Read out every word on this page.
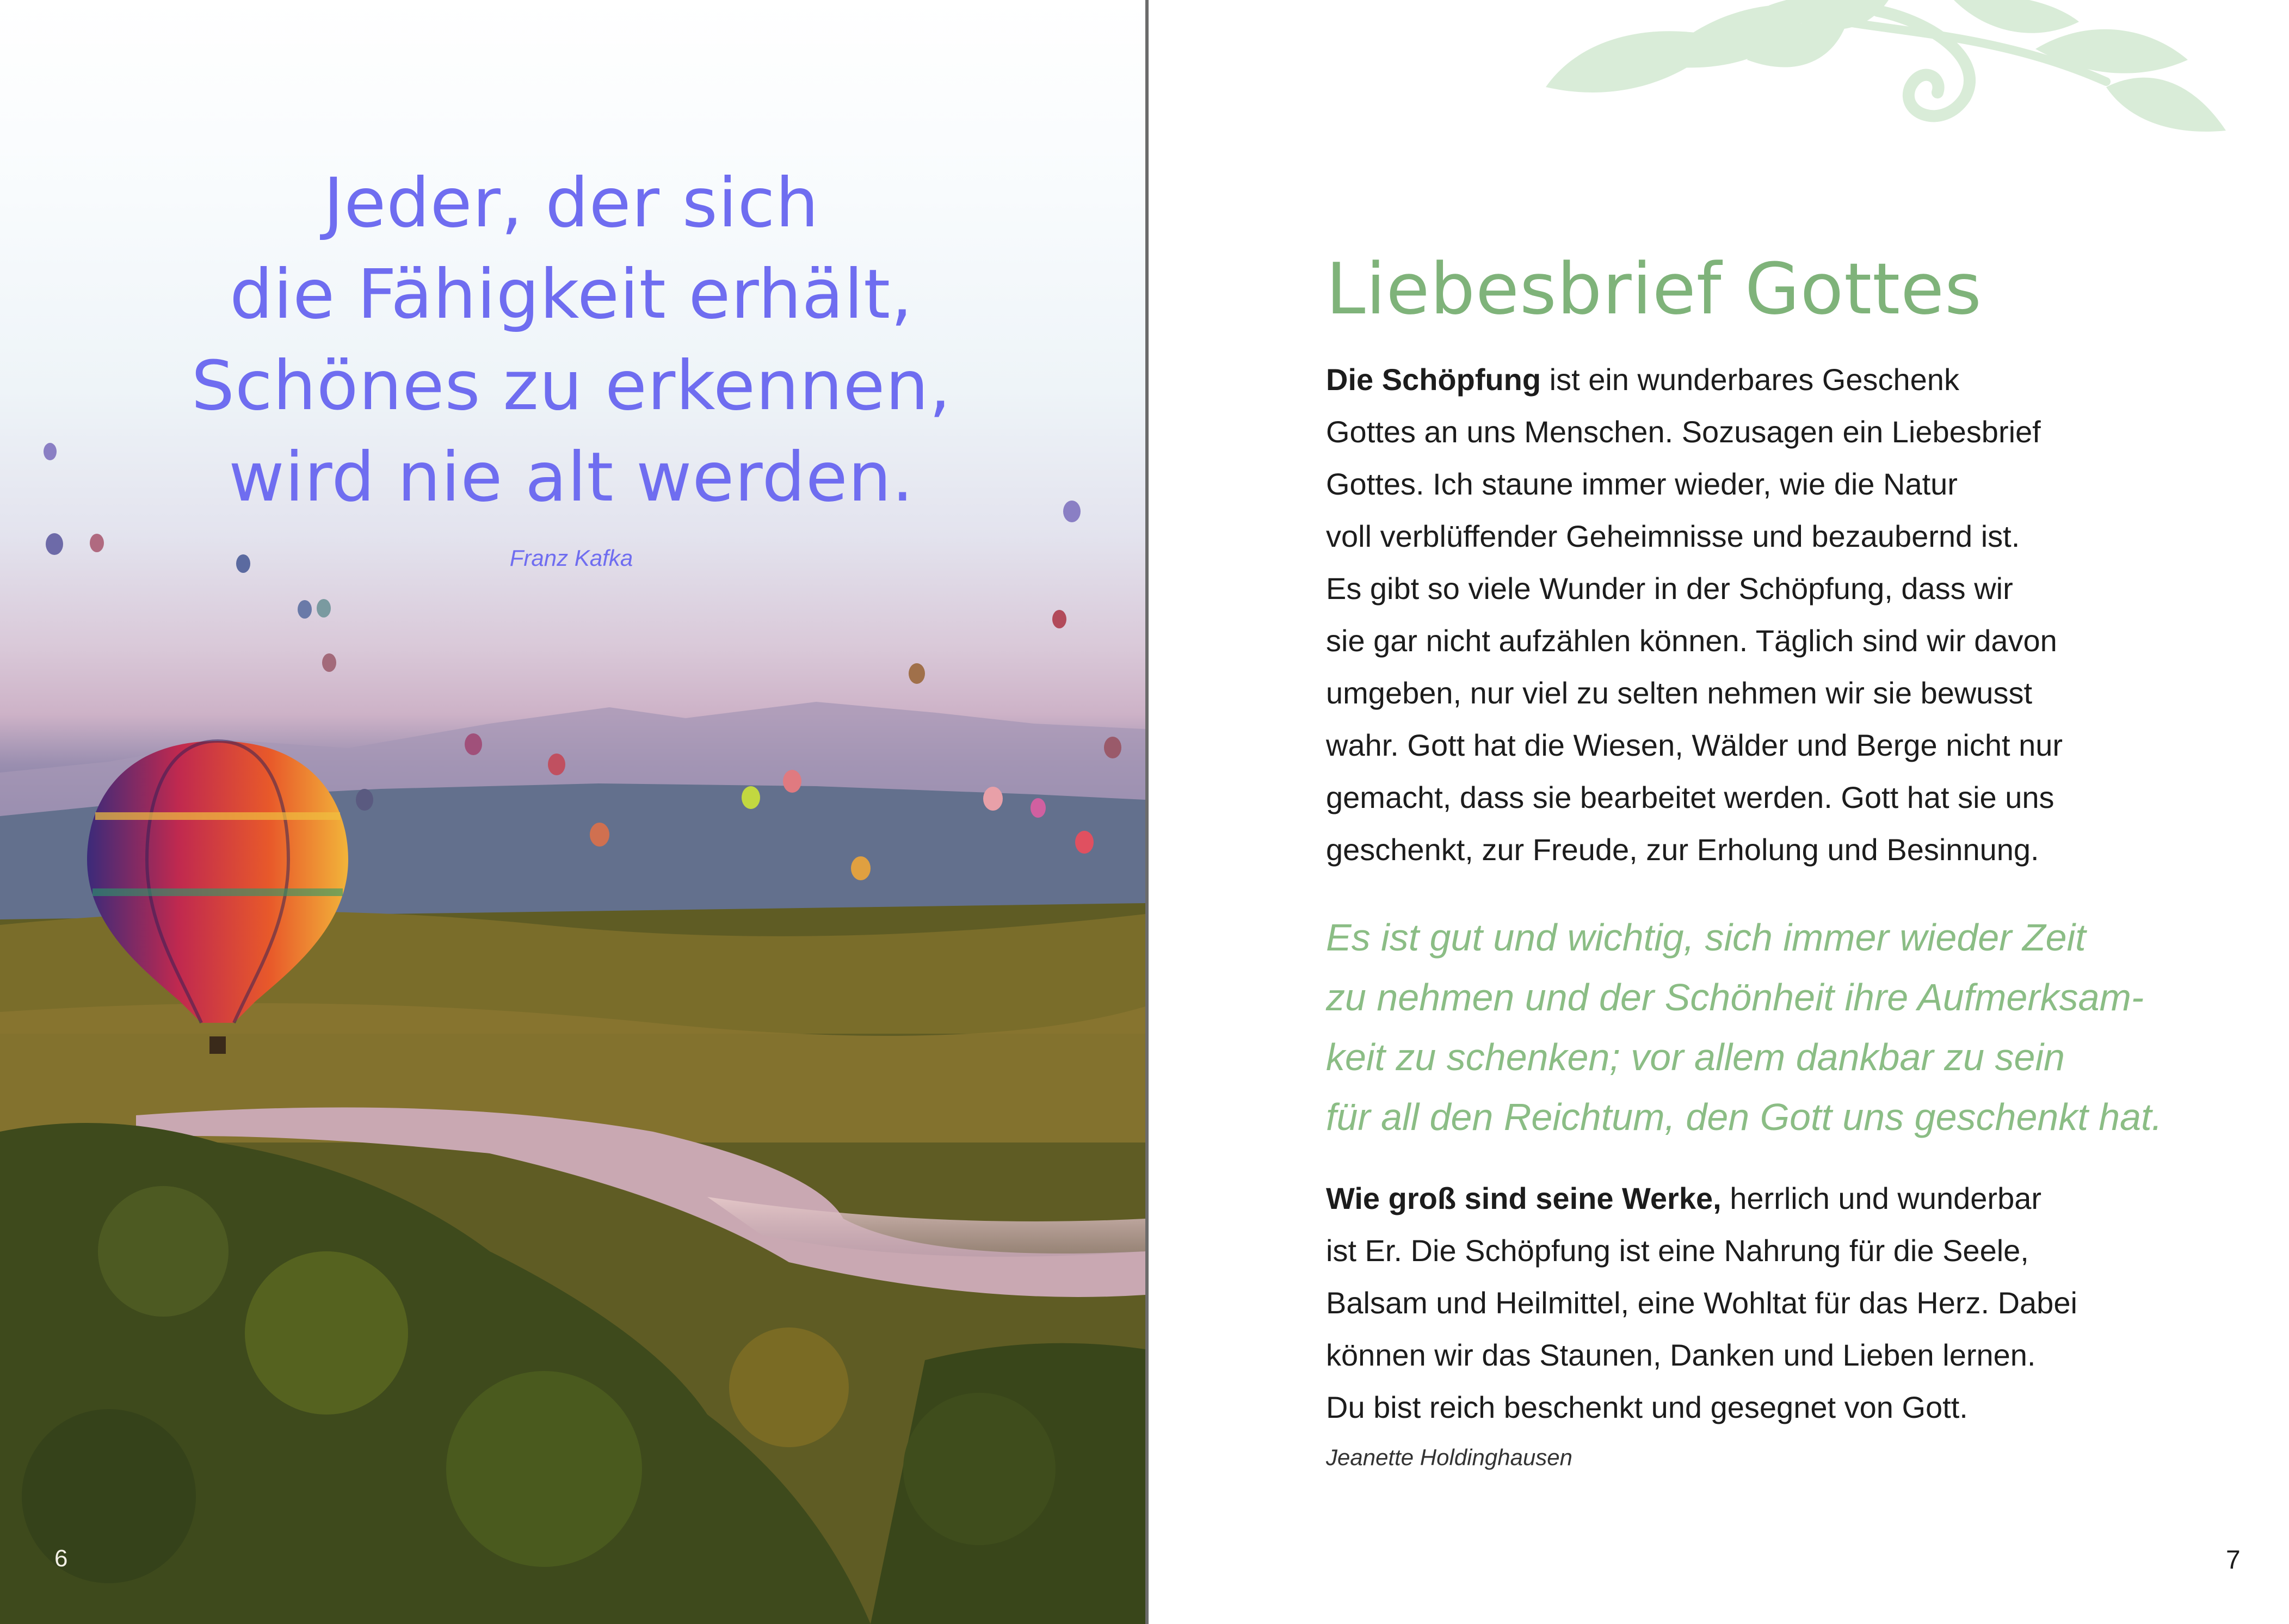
Jeder, der sich
die Fähigkeit erhält,
Schönes zu erkennen,
wird nie alt werden.
Franz Kafka
6
Liebesbrief Gottes

Die Schöpfung ist ein wunderbares Geschenk
Gottes an uns Menschen. Sozusagen ein Liebesbrief
Gottes. Ich staune immer wieder, wie die Natur
voll verblüffender Geheimnisse und bezaubernd ist.
Es gibt so viele Wunder in der Schöpfung, dass wir
sie gar nicht aufzählen können. Täglich sind wir davon
umgeben, nur viel zu selten nehmen wir sie bewusst
wahr. Gott hat die Wiesen, Wälder und Berge nicht nur
gemacht, dass sie bearbeitet werden. Gott hat sie uns
geschenkt, zur Freude, zur Erholung und Besinnung.

Es ist gut und wichtig, sich immer wieder Zeit
zu nehmen und der Schönheit ihre Aufmerksam-
keit zu schenken; vor allem dankbar zu sein
für all den Reichtum, den Gott uns geschenkt hat.

Wie groß sind seine Werke, herrlich und wunderbar
ist Er. Die Schöpfung ist eine Nahrung für die Seele,
Balsam und Heilmittel, eine Wohltat für das Herz. Dabei
können wir das Staunen, Danken und Lieben lernen.
Du bist reich beschenkt und gesegnet von Gott.

Jeanette Holdinghausen
7
